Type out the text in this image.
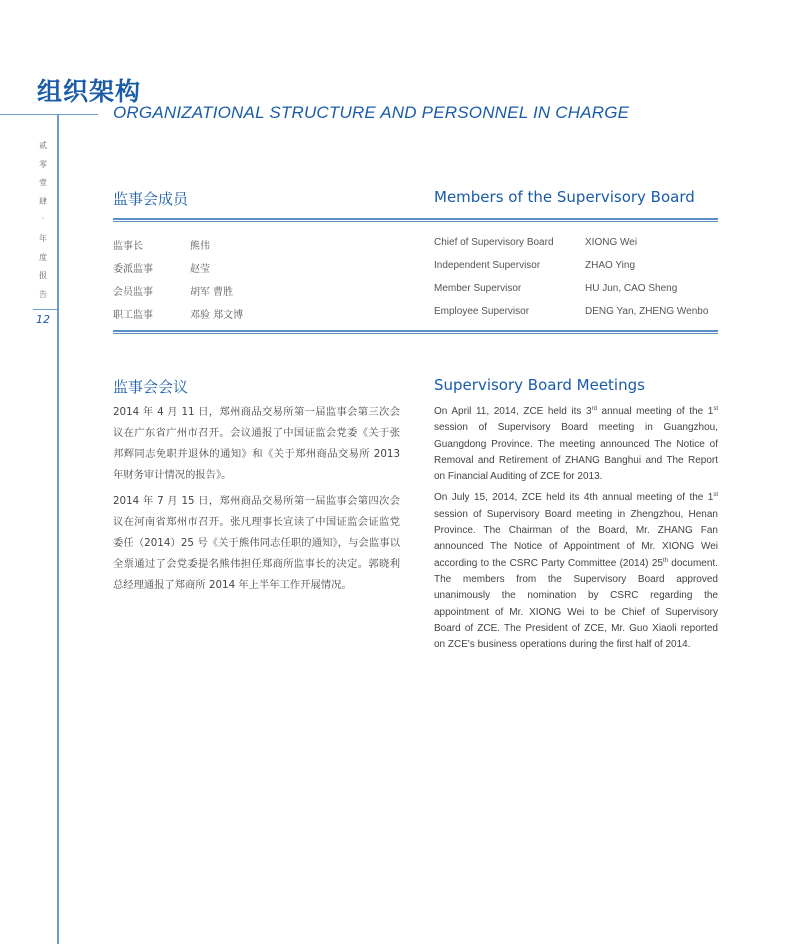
组织架构
ORGANIZATIONAL STRUCTURE AND PERSONNEL IN CHARGE
贰
零
壹
肆
·
年
度
报
告
12
监事会成员	Members of the Supervisory Board
监事长	熊伟	Chief of Supervisory Board	XIONG Wei
委派监事	赵莹	Independent Supervisor	ZHAO Ying
会员监事	胡军 曹胜	Member Supervisor	HU Jun, CAO Sheng
职工监事	邓验 郑文博	Employee Supervisor	DENG Yan, ZHENG Wenbo
监事会会议	Supervisory Board Meetings

2014 年 4 月 11 日，郑州商品交易所第一届监事会第三次会议在广东省广州市召开。会议通报了中国证监会党委《关于张邦辉同志免职并退休的通知》和《关于郑州商品交易所 2013 年财务审计情况的报告》。

2014 年 7 月 15 日，郑州商品交易所第一届监事会第四次会议在河南省郑州市召开。张凡理事长宣读了中国证监会证监党委任（2014）25 号《关于熊伟同志任职的通知》，与会监事以全票通过了会党委提名熊伟担任郑商所监事长的决定。郭晓利总经理通报了郑商所 2014 年上半年工作开展情况。

On April 11, 2014, ZCE held its 3rd annual meeting of the 1st session of Supervisory Board meeting in Guangzhou, Guangdong Province. The meeting announced The Notice of Removal and Retirement of ZHANG Banghui and The Report on Financial Auditing of ZCE for 2013.

On July 15, 2014, ZCE held its 4th annual meeting of the 1st session of Supervisory Board meeting in Zhengzhou, Henan Province. The Chairman of the Board, Mr. ZHANG Fan announced The Notice of Appointment of Mr. XIONG Wei according to the CSRC Party Committee (2014) 25th document. The members from the Supervisory Board approved unanimously the nomination by CSRC regarding the appointment of Mr. XIONG Wei to be Chief of Supervisory Board of ZCE. The President of ZCE, Mr. Guo Xiaoli reported on ZCE's business operations during the first half of 2014.
